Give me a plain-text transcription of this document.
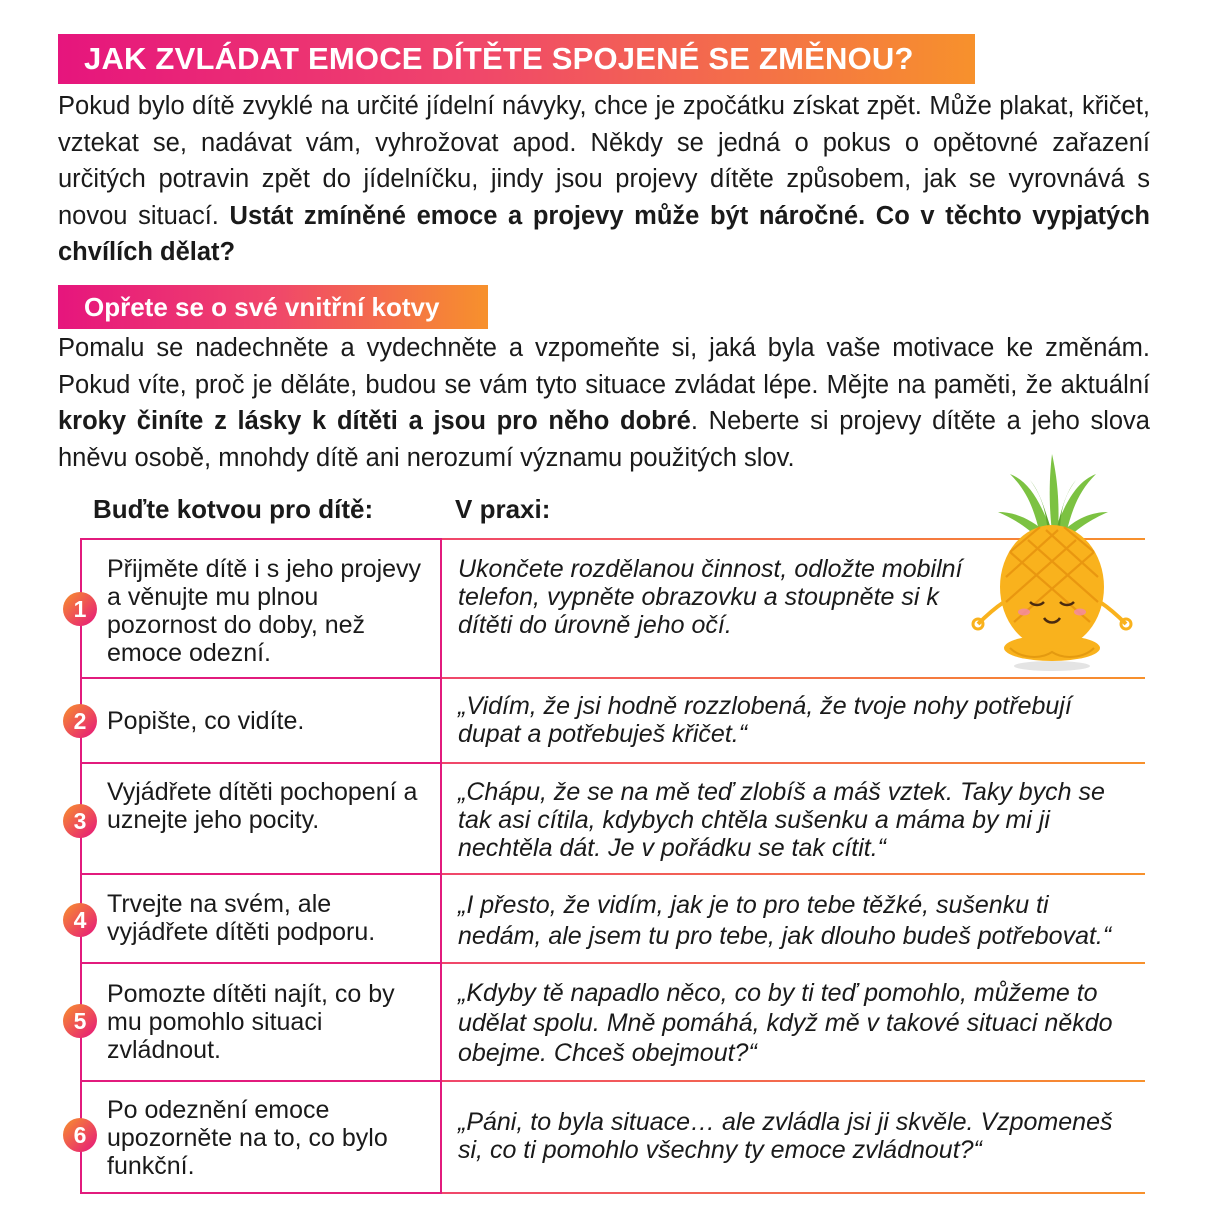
JAK ZVLÁDAT EMOCE DÍTĚTE SPOJENÉ SE ZMĚNOU?

Pokud bylo dítě zvyklé na určité jídelní návyky, chce je zpočátku získat zpět. Může plakat, křičet, vztekat se, nadávat vám, vyhrožovat apod. Někdy se jedná o pokus o opětovné zařazení určitých potravin zpět do jídelníčku, jindy jsou projevy dítěte způsobem, jak se vyrovnává s novou situací. Ustát zmíněné emoce a projevy může být náročné. Co v těchto vypjatých chvílích dělat?

Opřete se o své vnitřní kotvy

Pomalu se nadechněte a vydechněte a vzpomeňte si, jaká byla vaše motivace ke změnám. Pokud víte, proč je děláte, budou se vám tyto situace zvládat lépe. Mějte na paměti, že aktuální kroky činíte z lásky k dítěti a jsou pro něho dobré. Neberte si projevy dítěte a jeho slova hněvu osobě, mnohdy dítě ani nerozumí významu použitých slov.

Buďte kotvou pro dítě:	V praxi:
1

Přijměte dítě i s jeho projevy a věnujte mu plnou pozornost do doby, než emoce odezní.

Ukončete rozdělanou činnost, odložte mobilní telefon, vypněte obrazovku a stoupněte si k dítěti do úrovně jeho očí.

2 Popište, co vidíte.

„Vidím, že jsi hodně rozzlobená, že tvoje nohy potřebují dupat a potřebuješ křičet.“

3

Vyjádřete dítěti pochopení a uznejte jeho pocity.

„Chápu, že se na mě teď zlobíš a máš vztek. Taky bych se tak asi cítila, kdybych chtěla sušenku a máma by mi ji nechtěla dát. Je v pořádku se tak cítit.“

4

Trvejte na svém, ale vyjádřete dítěti podporu.

„I přesto, že vidím, jak je to pro tebe těžké, sušenku ti nedám, ale jsem tu pro tebe, jak dlouho budeš potřebovat.“

5

Pomozte dítěti najít, co by mu pomohlo situaci zvládnout.

„Kdyby tě napadlo něco, co by ti teď pomohlo, můžeme to udělat spolu. Mně pomáhá, když mě v takové situaci někdo obejme. Chceš obejmout?“

6

Po odeznění emoce upozorněte na to, co bylo funkční.

„Páni, to byla situace… ale zvládla jsi ji skvěle. Vzpomeneš si, co ti pomohlo všechny ty emoce zvládnout?“
